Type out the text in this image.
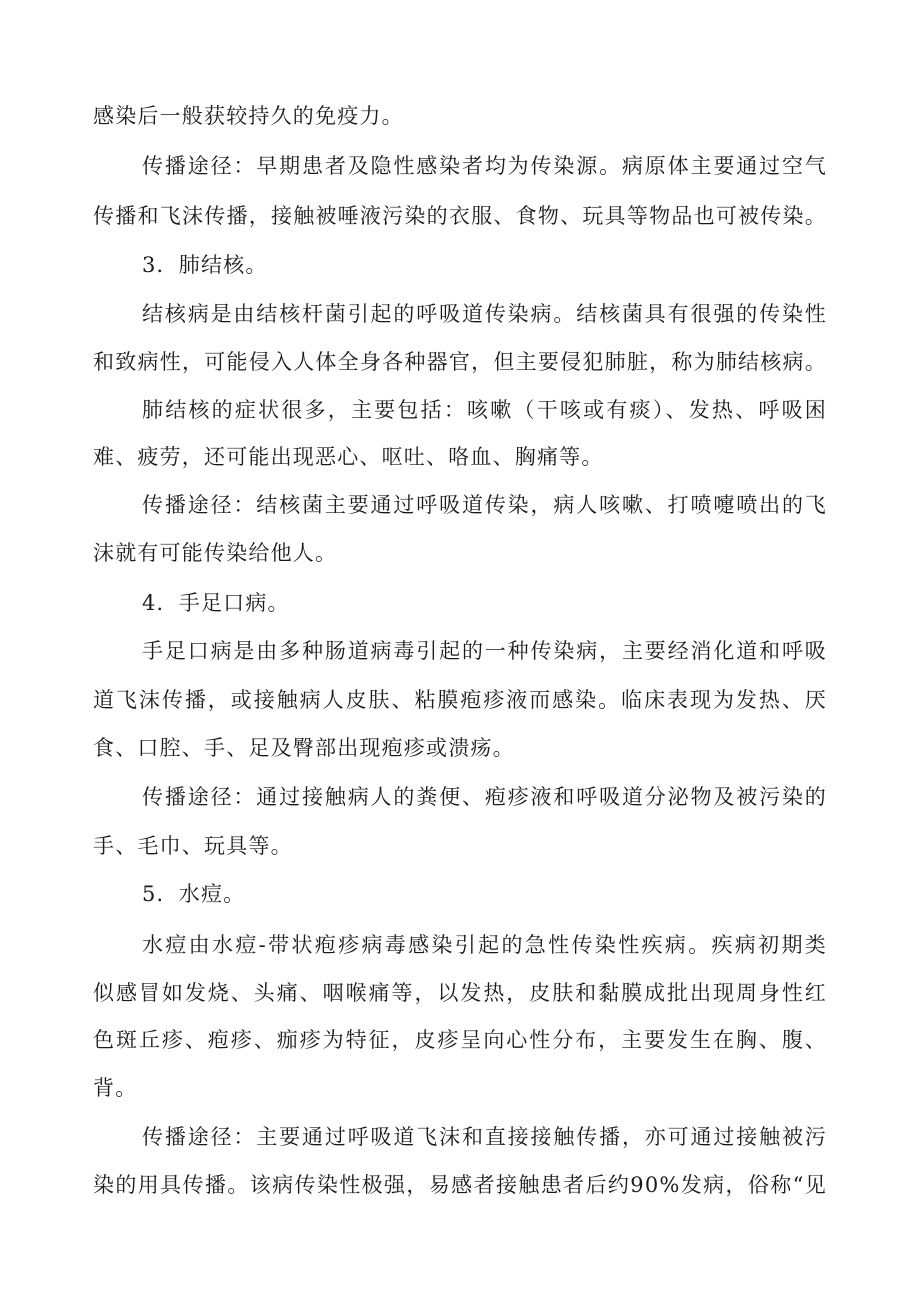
感染后一般获较持久的免疫力。
传播途径：早期患者及隐性感染者均为传染源。病原体主要通过空气
传播和飞沫传播，接触被唾液污染的衣服、食物、玩具等物品也可被传染。
3．肺结核。
结核病是由结核杆菌引起的呼吸道传染病。结核菌具有很强的传染性
和致病性，可能侵入人体全身各种器官，但主要侵犯肺脏，称为肺结核病。
肺结核的症状很多，主要包括：咳嗽（干咳或有痰）、发热、呼吸困
难、疲劳，还可能出现恶心、呕吐、咯血、胸痛等。
传播途径：结核菌主要通过呼吸道传染，病人咳嗽、打喷嚏喷出的飞
沫就有可能传染给他人。
4．手足口病。
手足口病是由多种肠道病毒引起的一种传染病，主要经消化道和呼吸
道飞沫传播，或接触病人皮肤、粘膜疱疹液而感染。临床表现为发热、厌
食、口腔、手、足及臀部出现疱疹或溃疡。
传播途径：通过接触病人的粪便、疱疹液和呼吸道分泌物及被污染的
手、毛巾、玩具等。
5．水痘。
水痘由水痘-带状疱疹病毒感染引起的急性传染性疾病。疾病初期类
似感冒如发烧、头痛、咽喉痛等，以发热，皮肤和黏膜成批出现周身性红
色斑丘疹、疱疹、痂疹为特征，皮疹呈向心性分布，主要发生在胸、腹、
背。
传播途径：主要通过呼吸道飞沫和直接接触传播，亦可通过接触被污
染的用具传播。该病传染性极强，易感者接触患者后约90%发病，俗称“见
